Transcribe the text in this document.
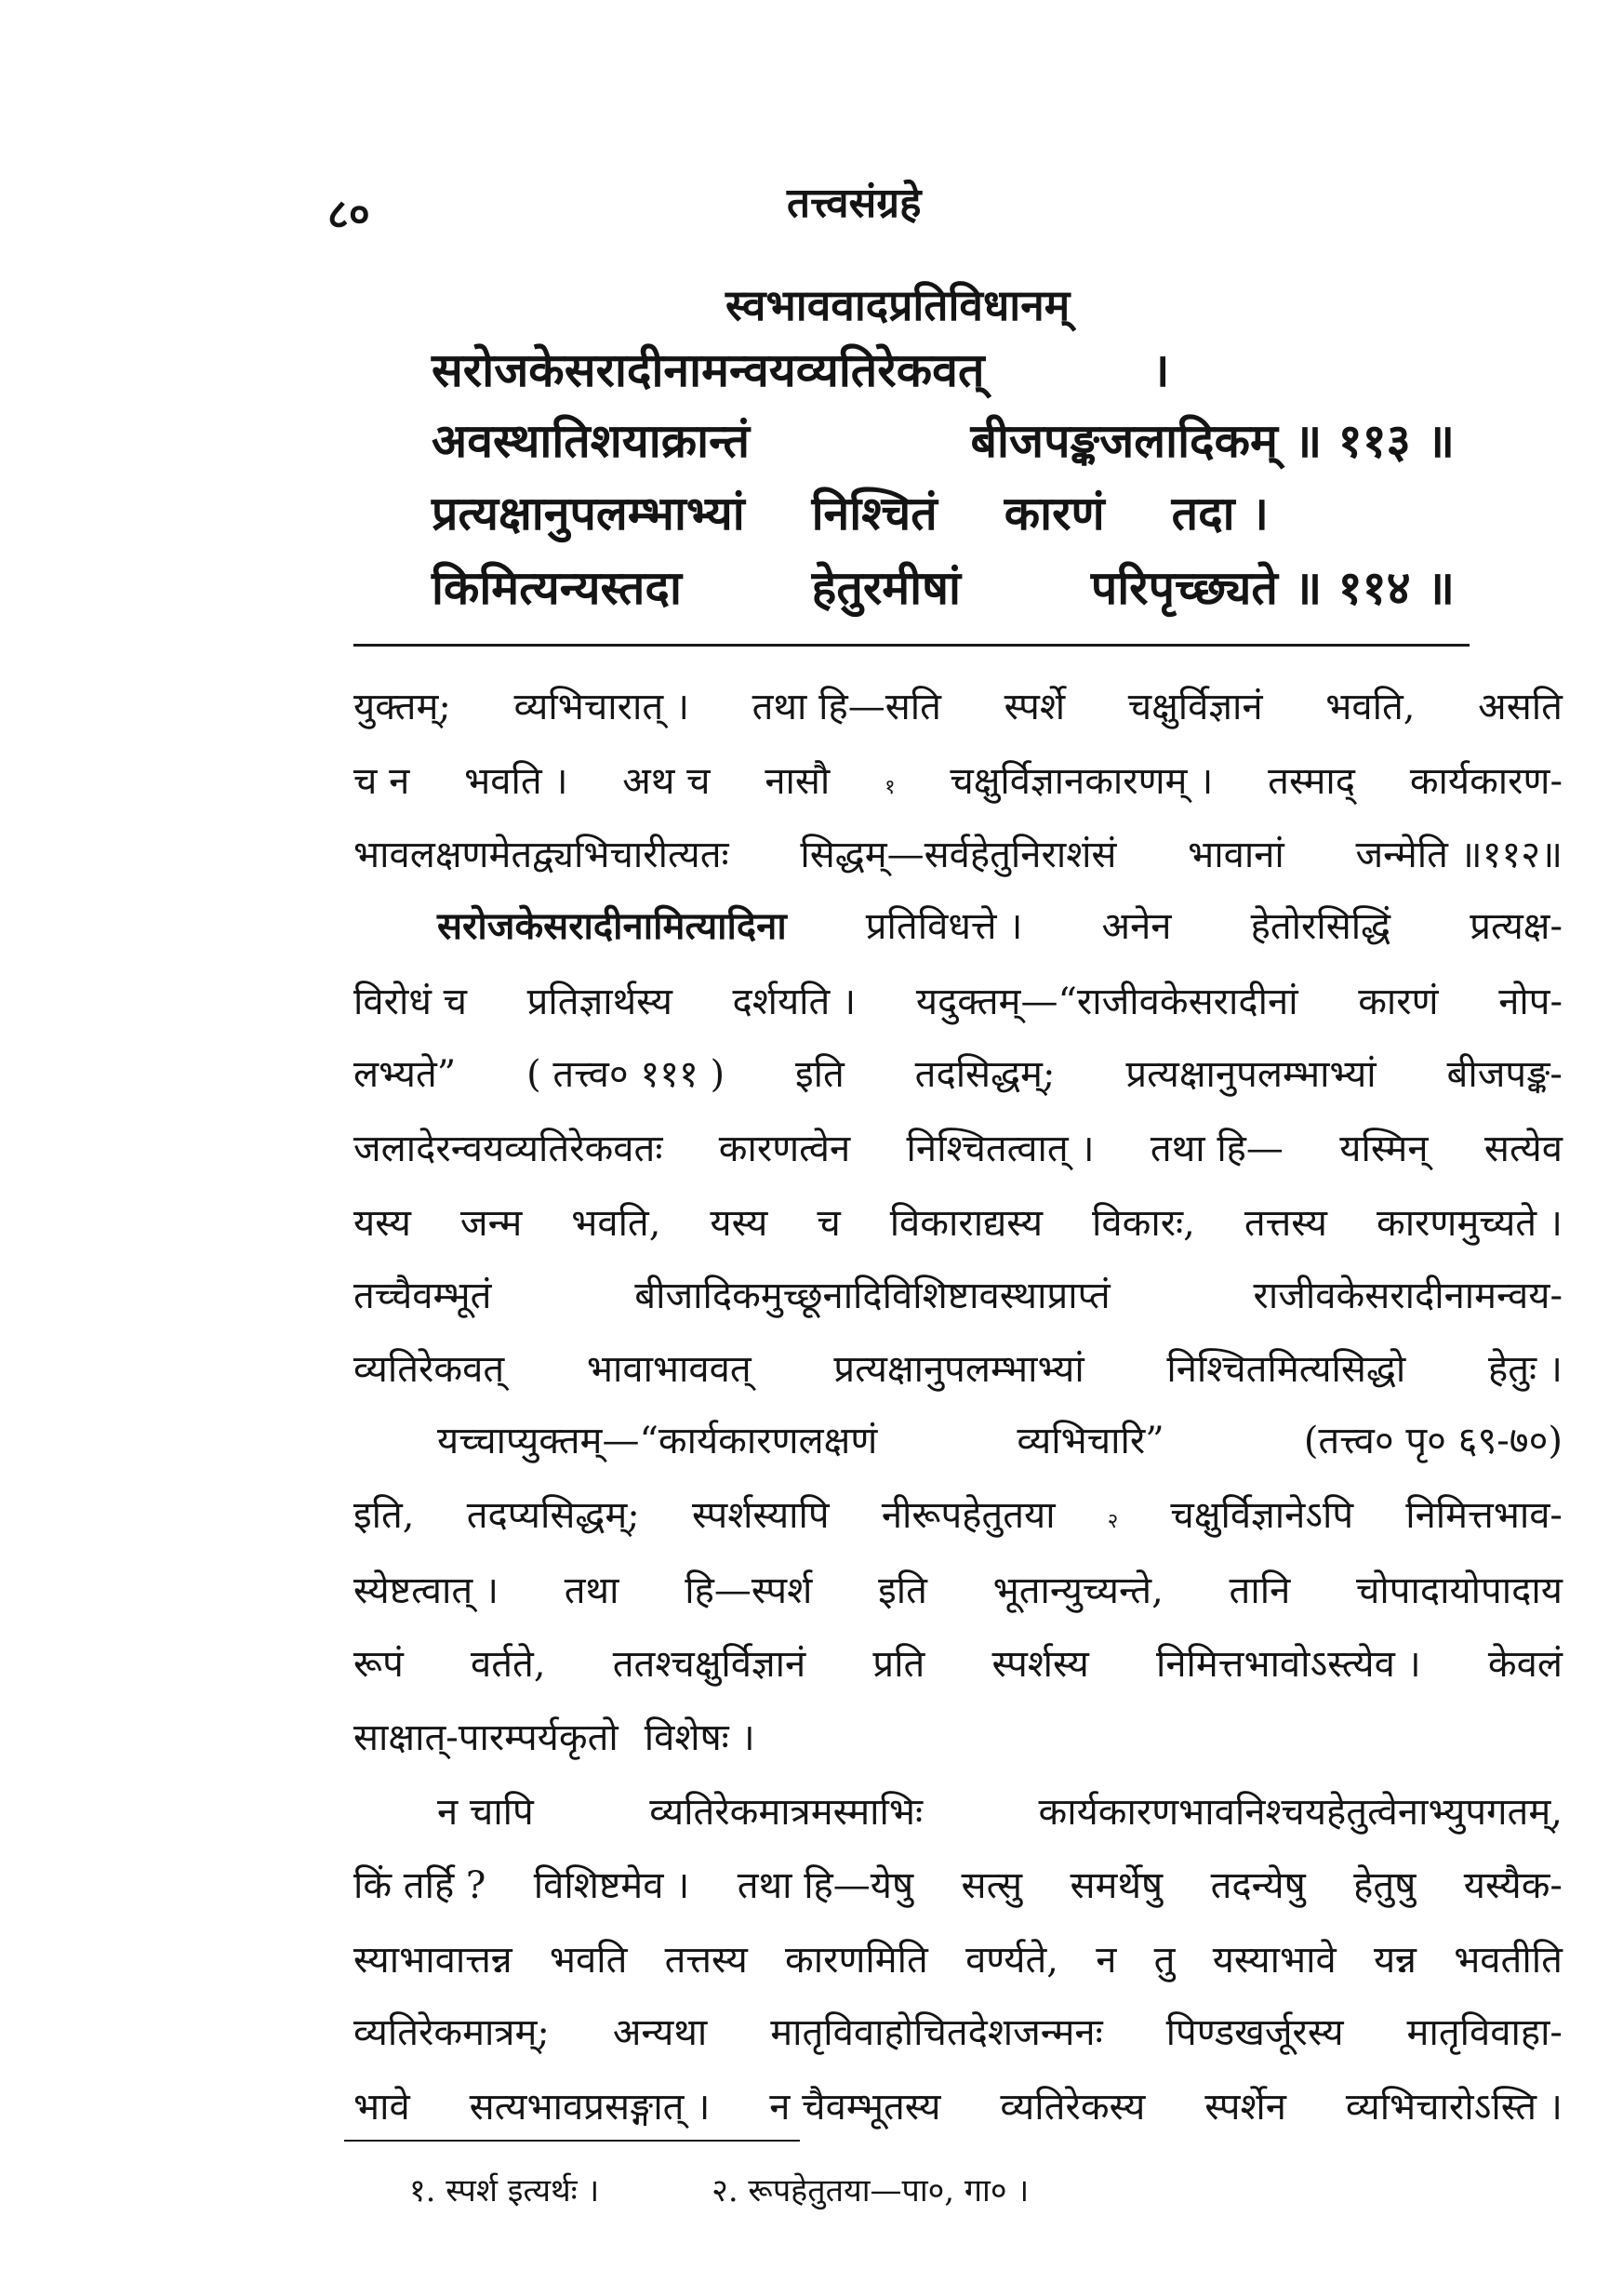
८०	तत्त्वसंग्रहे
स्वभाववादप्रतिविधानम्
सरोजकेसरादीनामन्वयव्यतिरेकवत्	।
अवस्थातिशयाक्रान्तं	बीजपङ्कजलादिकम् ॥ ११३ ॥
प्रत्यक्षानुपलम्भाभ्यां निश्चितं कारणं तदा ।
किमित्यन्यस्तदा	हेतुरमीषां	परिपृच्छ्यते ॥ ११४ ॥
युक्तम्; व्यभिचारात् । तथा हि—सति स्पर्शे चक्षुर्विज्ञानं भवति, असति
च न भवति । अथ च नासौ	१ चक्षुर्विज्ञानकारणम् । तस्माद् कार्यकारण-
भावलक्षणमेतद्व्यभिचारीत्यतः सिद्धम्—सर्वहेतुनिराशंसं भावानां जन्मेति ॥११२॥
सरोजकेसरादीनामित्यादिना प्रतिविधत्ते । अनेन हेतोरसिद्धिं प्रत्यक्ष-
विरोधं च प्रतिज्ञार्थस्य दर्शयति । यदुक्तम्—“राजीवकेसरादीनां कारणं नोप-
लभ्यते” ( तत्त्व० १११ ) इति तदसिद्धम्; प्रत्यक्षानुपलम्भाभ्यां बीजपङ्क-
जलादेरन्वयव्यतिरेकवतः कारणत्वेन निश्चितत्वात् । तथा हि— यस्मिन् सत्येव
यस्य जन्म भवति, यस्य च विकाराद्यस्य विकारः, तत्तस्य कारणमुच्यते ।
तच्चैवम्भूतं	बीजादिकमुच्छूनादिविशिष्टावस्थाप्राप्तं	राजीवकेसरादीनामन्वय-
व्यतिरेकवत् भावाभाववत् प्रत्यक्षानुपलम्भाभ्यां निश्चितमित्यसिद्धो हेतुः ।
यच्चाप्युक्तम्—“कार्यकारणलक्षणं	व्यभिचारि”	(तत्त्व० पृ० ६९-७०)
इति, तदप्यसिद्धम्; स्पर्शस्यापि नीरूपहेतुतया	२ चक्षुर्विज्ञानेऽपि निमित्तभाव-
स्येष्टत्वात् । तथा हि—स्पर्श इति भूतान्युच्यन्ते, तानि चोपादायोपादाय
रूपं वर्तते, ततश्चक्षुर्विज्ञानं प्रति स्पर्शस्य निमित्तभावोऽस्त्येव । केवलं
साक्षात्-पारम्पर्यकृतो विशेषः ।
न चापि	व्यतिरेकमात्रमस्माभिः	कार्यकारणभावनिश्चयहेतुत्वेनाभ्युपगतम्,
किं तर्हि ? विशिष्टमेव । तथा हि—येषु सत्सु समर्थेषु तदन्येषु हेतुषु यस्यैक-
स्याभावात्तन्न भवति तत्तस्य कारणमिति वर्ण्यते, न तु यस्याभावे यन्न भवतीति
व्यतिरेकमात्रम्; अन्यथा मातृविवाहोचितदेशजन्मनः पिण्डखर्जूरस्य मातृविवाहा-
भावे सत्यभावप्रसङ्गात् । न चैवम्भूतस्य व्यतिरेकस्य स्पर्शेन व्यभिचारोऽस्ति ।
१. स्पर्श इत्यर्थः ।	२. रूपहेतुतया—पा०, गा० ।
